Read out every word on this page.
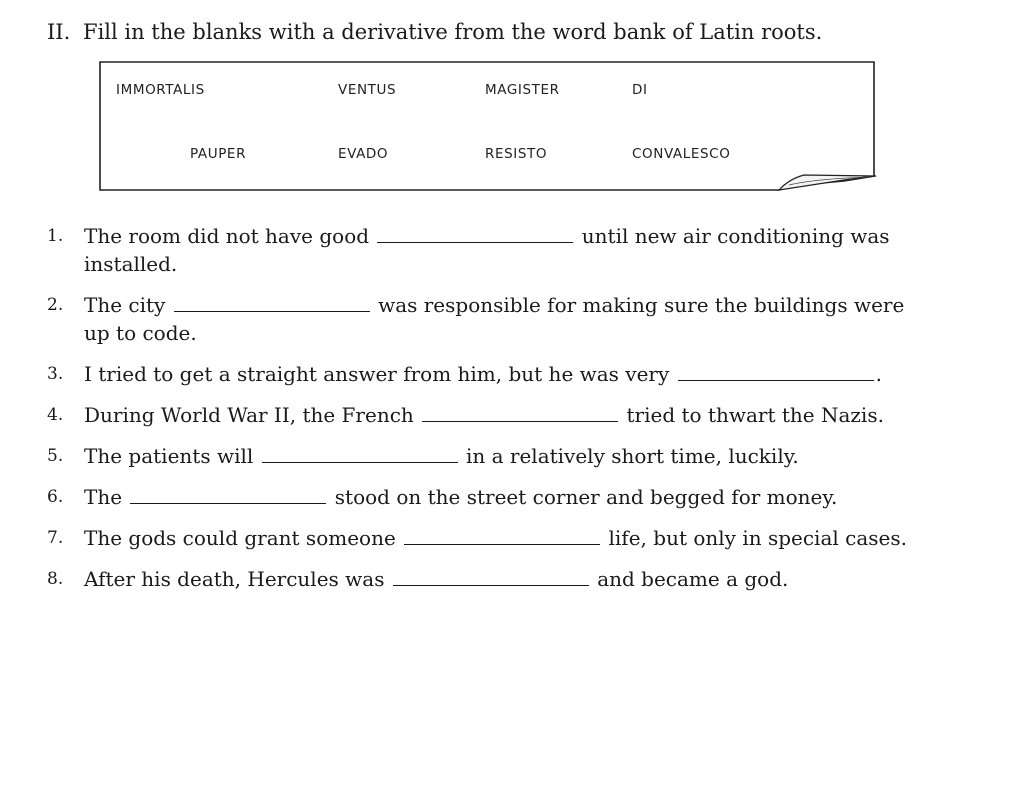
II. Fill in the blanks with a derivative from the word bank of Latin roots.
IMMORTALIS	VENTUS	MAGISTER	DI
PAUPER	EVADO	RESISTO	CONVALESCO
1. The room did not have good	until new air conditioning was installed.
2. The city	was responsible for making sure the buildings were up to code.
3. I tried to get a straight answer from him, but he was very	.
4. During World War II, the French	tried to thwart the Nazis.
5. The patients will	in a relatively short time, luckily.
6. The	stood on the street corner and begged for money.
7. The gods could grant someone	life, but only in special cases.
8. After his death, Hercules was	and became a god.
